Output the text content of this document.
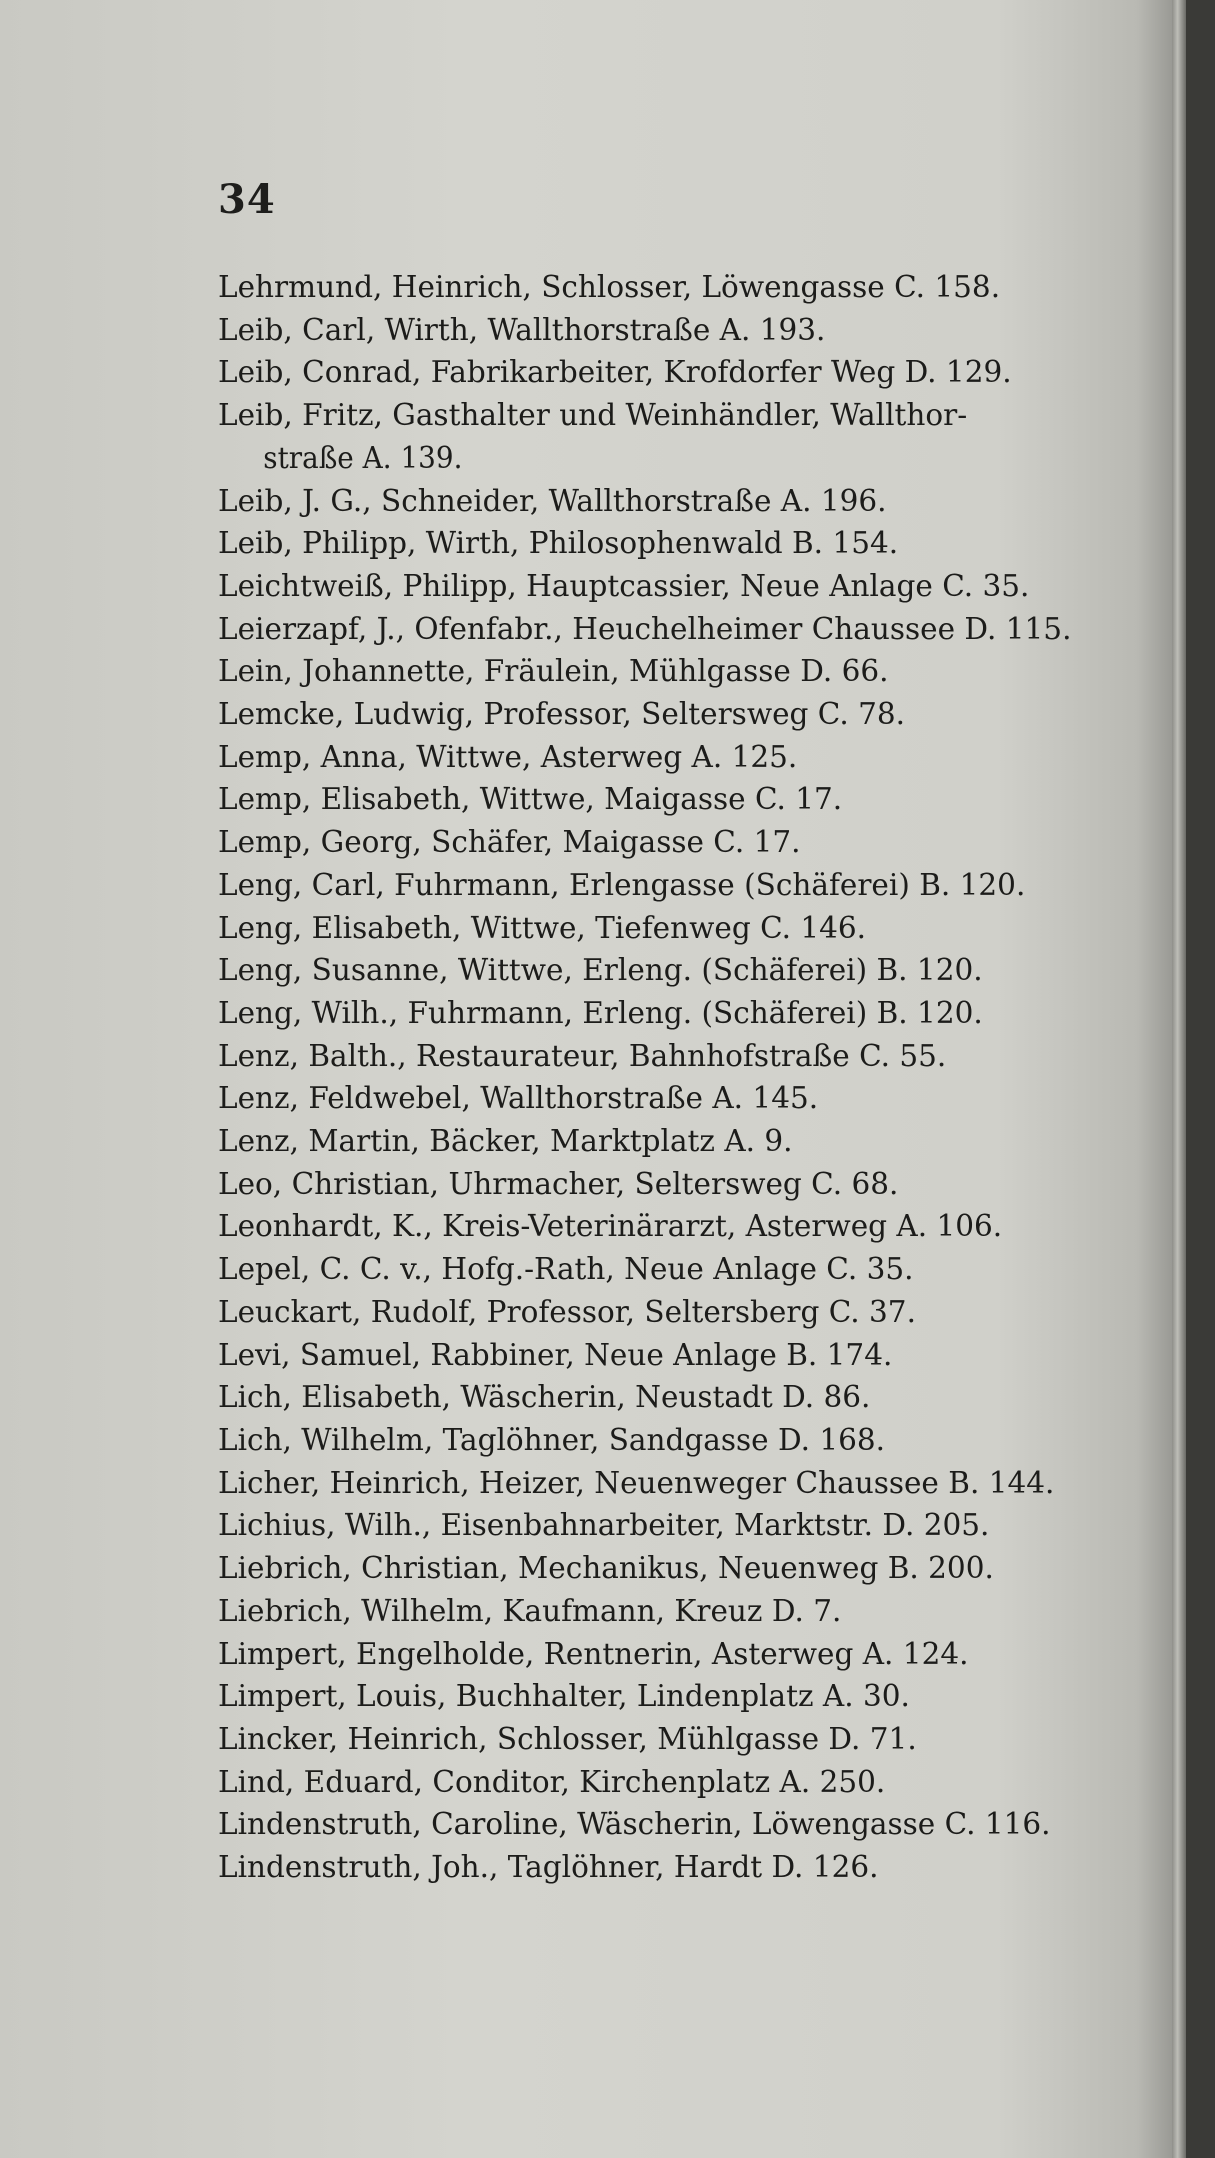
34
Lehrmund, Heinrich, Schlosser, Löwengasse C. 158.
Leib, Carl, Wirth, Wallthorstraße A. 193.
Leib, Conrad, Fabrikarbeiter, Krofdorfer Weg D. 129.
Leib, Fritz, Gasthalter und Weinhändler, Wallthor-
straße A. 139.
Leib, J. G., Schneider, Wallthorstraße A. 196.
Leib, Philipp, Wirth, Philosophenwald B. 154.
Leichtweiß, Philipp, Hauptcassier, Neue Anlage C. 35.
Leierzapf, J., Ofenfabr., Heuchelheimer Chaussee D. 115.
Lein, Johannette, Fräulein, Mühlgasse D. 66.
Lemcke, Ludwig, Professor, Seltersweg C. 78.
Lemp, Anna, Wittwe, Asterweg A. 125.
Lemp, Elisabeth, Wittwe, Maigasse C. 17.
Lemp, Georg, Schäfer, Maigasse C. 17.
Leng, Carl, Fuhrmann, Erlengasse (Schäferei) B. 120.
Leng, Elisabeth, Wittwe, Tiefenweg C. 146.
Leng, Susanne, Wittwe, Erleng. (Schäferei) B. 120.
Leng, Wilh., Fuhrmann, Erleng. (Schäferei) B. 120.
Lenz, Balth., Restaurateur, Bahnhofstraße C. 55.
Lenz, Feldwebel, Wallthorstraße A. 145.
Lenz, Martin, Bäcker, Marktplatz A. 9.
Leo, Christian, Uhrmacher, Seltersweg C. 68.
Leonhardt, K., Kreis-Veterinärarzt, Asterweg A. 106.
Lepel, C. C. v., Hofg.-Rath, Neue Anlage C. 35.
Leuckart, Rudolf, Professor, Seltersberg C. 37.
Levi, Samuel, Rabbiner, Neue Anlage B. 174.
Lich, Elisabeth, Wäscherin, Neustadt D. 86.
Lich, Wilhelm, Taglöhner, Sandgasse D. 168.
Licher, Heinrich, Heizer, Neuenweger Chaussee B. 144.
Lichius, Wilh., Eisenbahnarbeiter, Marktstr. D. 205.
Liebrich, Christian, Mechanikus, Neuenweg B. 200.
Liebrich, Wilhelm, Kaufmann, Kreuz D. 7.
Limpert, Engelholde, Rentnerin, Asterweg A. 124.
Limpert, Louis, Buchhalter, Lindenplatz A. 30.
Lincker, Heinrich, Schlosser, Mühlgasse D. 71.
Lind, Eduard, Conditor, Kirchenplatz A. 250.
Lindenstruth, Caroline, Wäscherin, Löwengasse C. 116.
Lindenstruth, Joh., Taglöhner, Hardt D. 126.
